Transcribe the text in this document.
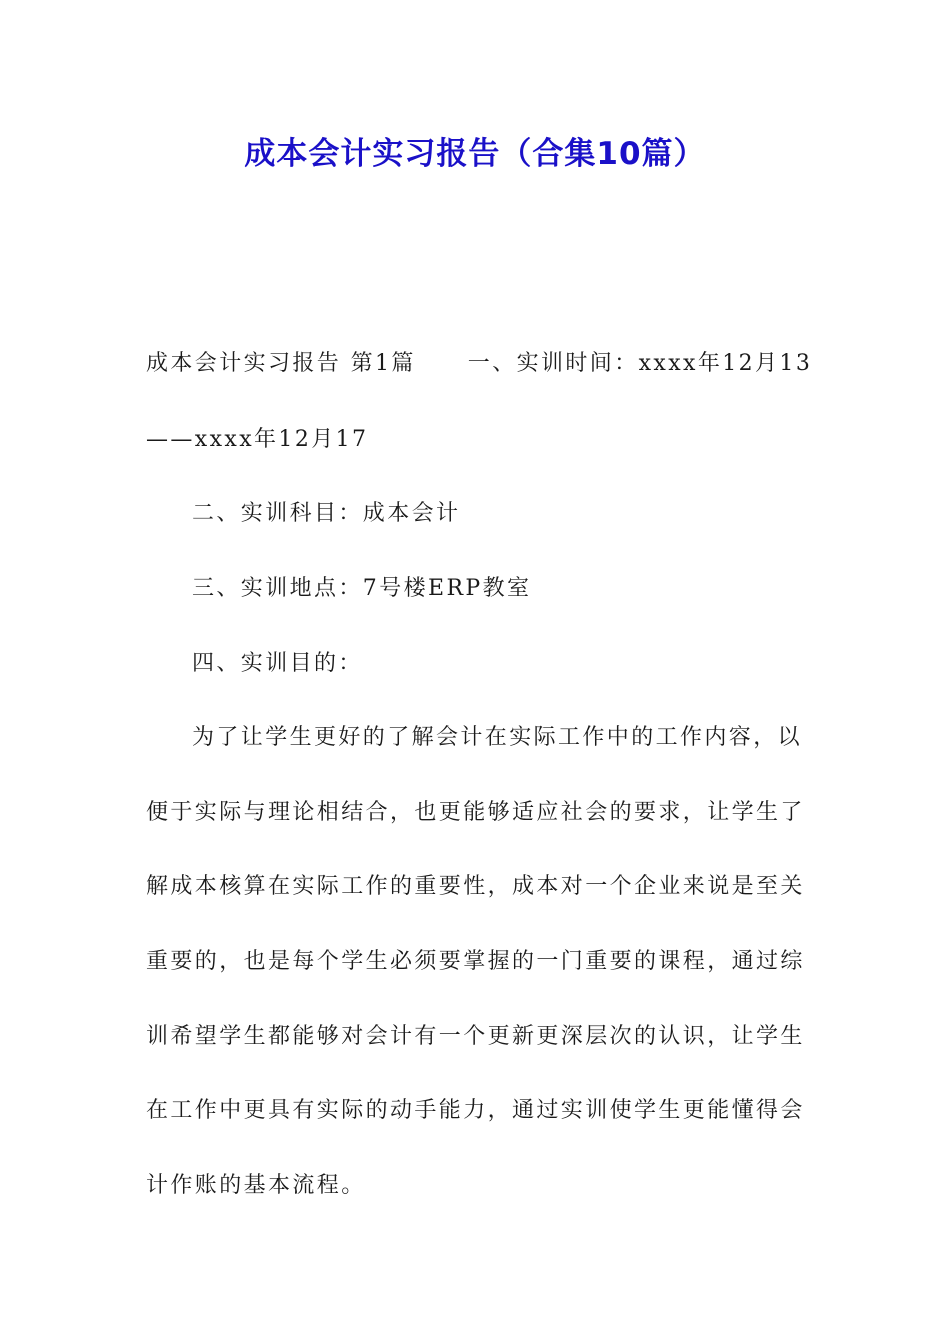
成本会计实习报告（合集10篇）
成本会计实习报告 第1篇 一、实训时间：xxxx年12月13
——xxxx年12月17
二、实训科目：成本会计
三、实训地点：7号楼ERP教室
四、实训目的：
为了让学生更好的了解会计在实际工作中的工作内容，以
便于实际与理论相结合，也更能够适应社会的要求，让学生了
解成本核算在实际工作的重要性，成本对一个企业来说是至关
重要的，也是每个学生必须要掌握的一门重要的课程，通过综
训希望学生都能够对会计有一个更新更深层次的认识，让学生
在工作中更具有实际的动手能力，通过实训使学生更能懂得会
计作账的基本流程。
